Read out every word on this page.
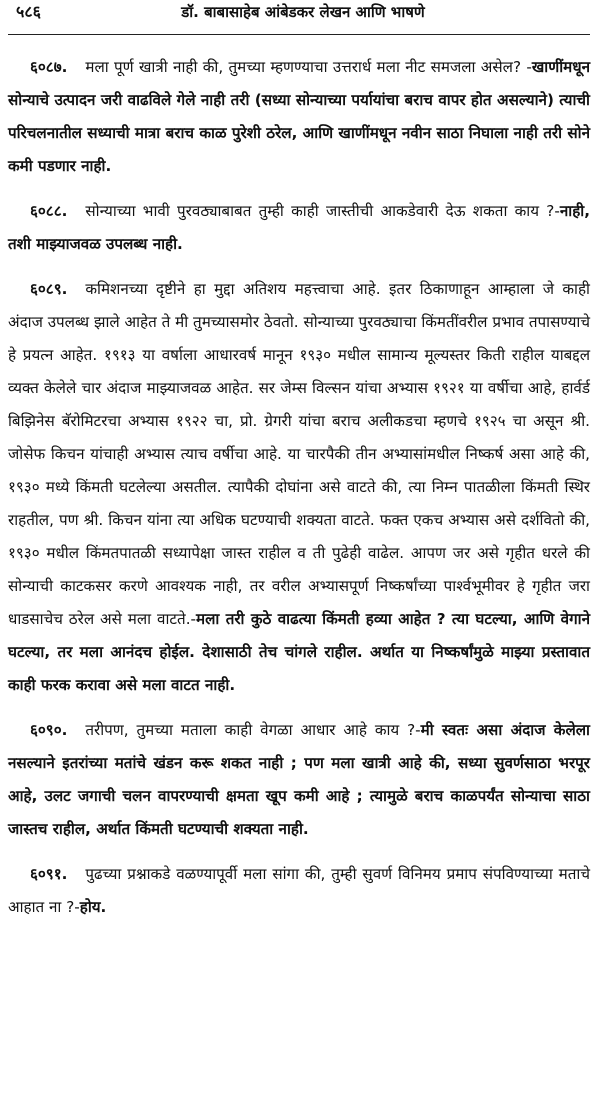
५८६	डॉ. बाबासाहेब आंबेडकर लेखन आणि भाषणे

६०८७. मला पूर्ण खात्री नाही की, तुमच्या म्हणण्याचा उत्तरार्ध मला नीट समजला असेल? -खाणींमधून सोन्याचे उत्पादन जरी वाढविले गेले नाही तरी (सध्या सोन्याच्या पर्यायांचा बराच वापर होत असल्याने) त्याची परिचलनातील सध्याची मात्रा बराच काळ पुरेशी ठरेल, आणि खाणींमधून नवीन साठा निघाला नाही तरी सोने कमी पडणार नाही.

६०८८. सोन्याच्या भावी पुरवठ्याबाबत तुम्ही काही जास्तीची आकडेवारी देऊ शकता काय ?-नाही, तशी माझ्याजवळ उपलब्ध नाही.

६०८९. कमिशनच्या दृष्टीने हा मुद्दा अतिशय महत्त्वाचा आहे. इतर ठिकाणाहून आम्हाला जे काही अंदाज उपलब्ध झाले आहेत ते मी तुमच्यासमोर ठेवतो. सोन्याच्या पुरवठ्याचा किंमतींवरील प्रभाव तपासण्याचे हे प्रयत्न आहेत. १९१३ या वर्षाला आधारवर्ष मानून १९३० मधील सामान्य मूल्यस्तर किती राहील याबद्दल व्यक्त केलेले चार अंदाज माझ्याजवळ आहेत. सर जेम्स विल्सन यांचा अभ्यास १९२१ या वर्षीचा आहे, हार्वर्ड बिझिनेस बॅरोमिटरचा अभ्यास १९२२ चा, प्रो. ग्रेगरी यांचा बराच अलीकडचा म्हणचे १९२५ चा असून श्री. जोसेफ किचन यांचाही अभ्यास त्याच वर्षीचा आहे. या चारपैकी तीन अभ्यासांमधील निष्कर्ष असा आहे की, १९३० मध्ये किंमती घटलेल्या असतील. त्यापैकी दोघांना असे वाटते की, त्या निम्न पातळीला किंमती स्थिर राहतील, पण श्री. किचन यांना त्या अधिक घटण्याची शक्यता वाटते. फक्त एकच अभ्यास असे दर्शवितो की, १९३० मधील किंमतपातळी सध्यापेक्षा जास्त राहील व ती पुढेही वाढेल. आपण जर असे गृहीत धरले की सोन्याची काटकसर करणे आवश्यक नाही, तर वरील अभ्यासपूर्ण निष्कर्षांच्या पार्श्वभूमीवर हे गृहीत जरा धाडसाचेच ठरेल असे मला वाटते.-मला तरी कुठे वाढत्या किंमती हव्या आहेत ? त्या घटल्या, आणि वेगाने घटल्या, तर मला आनंदच होईल. देशासाठी तेच चांगले राहील. अर्थात या निष्कर्षांमुळे माझ्या प्रस्तावात काही फरक करावा असे मला वाटत नाही.

६०९०. तरीपण, तुमच्या मताला काही वेगळा आधार आहे काय ?-मी स्वतः असा अंदाज केलेला नसल्याने इतरांच्या मतांचे खंडन करू शकत नाही ; पण मला खात्री आहे की, सध्या सुवर्णसाठा भरपूर आहे, उलट जगाची चलन वापरण्याची क्षमता खूप कमी आहे ; त्यामुळे बराच काळपर्यंत सोन्याचा साठा जास्तच राहील, अर्थात किंमती घटण्याची शक्यता नाही.

६०९१. पुढच्या प्रश्नाकडे वळण्यापूर्वी मला सांगा की, तुम्ही सुवर्ण विनिमय प्रमाप संपविण्याच्या मताचे आहात ना ?-होय.
